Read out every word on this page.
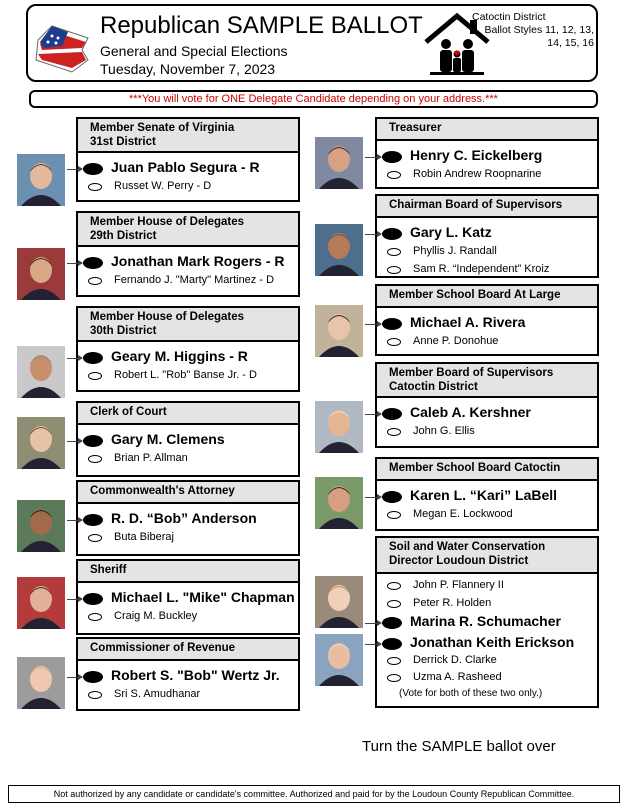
Republican SAMPLE BALLOT
General and Special Elections
Tuesday, November 7, 2023
Catoctin District
Ballot Styles 11, 12, 13, 14, 15, 16
***You will vote for ONE Delegate Candidate depending on your address.***
Turn the SAMPLE ballot over
Not authorized by any candidate or candidate's committee. Authorized and paid for by the Loudoun County Republican Committee.
Member Senate of Virginia
31st District
Juan Pablo Segura - R
Russet W. Perry - D
Member House of Delegates
29th District
Jonathan Mark Rogers - R
Fernando J. "Marty" Martinez - D
Member House of Delegates
30th District
Geary M. Higgins - R
Robert L. "Rob" Banse Jr. - D
Clerk of Court
Gary M. Clemens
Brian P. Allman
Commonwealth's Attorney
R. D. “Bob” Anderson
Buta Biberaj
Sheriff
Michael L. "Mike" Chapman
Craig M. Buckley
Commissioner of Revenue
Robert S. "Bob" Wertz Jr.
Sri S. Amudhanar
Treasurer
Henry C. Eickelberg
Robin Andrew Roopnarine
Chairman Board of Supervisors
Gary L. Katz
Phyllis J. Randall
Sam R. “Independent” Kroiz
Member School Board At Large
Michael A. Rivera
Anne P. Donohue
Member Board of Supervisors
Catoctin District
Caleb A. Kershner
John G. Ellis
Member School Board Catoctin
Karen L. “Kari” LaBell
Megan E. Lockwood
Soil and Water Conservation
Director Loudoun District
John P. Flannery II
Peter R. Holden
Marina R. Schumacher
Jonathan Keith Erickson
Derrick D. Clarke
Uzma A. Rasheed
(Vote for both of these two only.)
